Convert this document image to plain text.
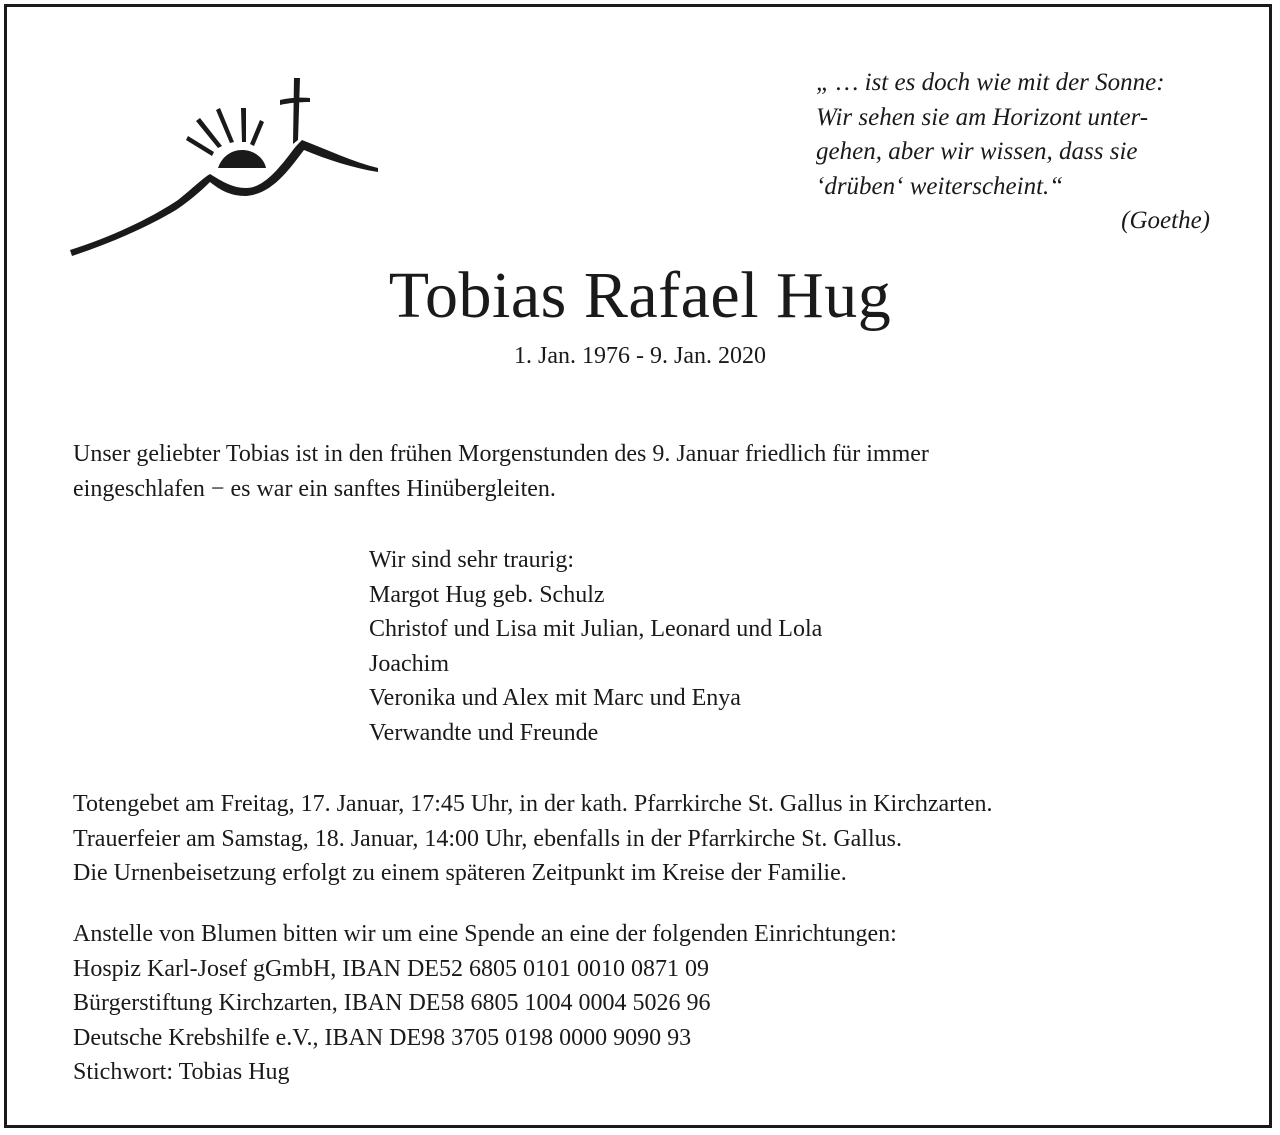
„ … ist es doch wie mit der Sonne:
Wir sehen sie am Horizont unter-
gehen, aber wir wissen, dass sie
‘drüben‘ weiterscheint.“
(Goethe)
Tobias Rafael Hug
1. Jan. 1976 - 9. Jan. 2020
Unser geliebter Tobias ist in den frühen Morgenstunden des 9. Januar friedlich für immer
eingeschlafen − es war ein sanftes Hinübergleiten.
Wir sind sehr traurig:
Margot Hug geb. Schulz
Christof und Lisa mit Julian, Leonard und Lola
Joachim
Veronika und Alex mit Marc und Enya
Verwandte und Freunde
Totengebet am Freitag, 17. Januar, 17:45 Uhr, in der kath. Pfarrkirche St. Gallus in Kirchzarten.
Trauerfeier am Samstag, 18. Januar, 14:00 Uhr, ebenfalls in der Pfarrkirche St. Gallus.
Die Urnenbeisetzung erfolgt zu einem späteren Zeitpunkt im Kreise der Familie.
Anstelle von Blumen bitten wir um eine Spende an eine der folgenden Einrichtungen:
Hospiz Karl-Josef gGmbH, IBAN DE52 6805 0101 0010 0871 09
Bürgerstiftung Kirchzarten, IBAN DE58 6805 1004 0004 5026 96
Deutsche Krebshilfe e.V., IBAN DE98 3705 0198 0000 9090 93
Stichwort: Tobias Hug
